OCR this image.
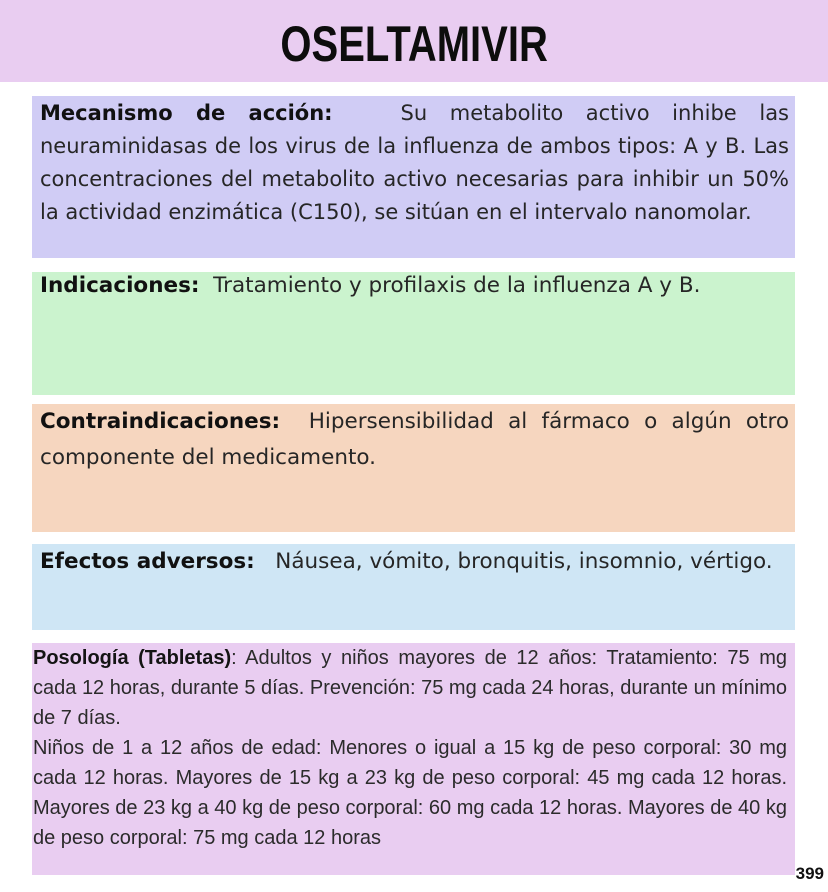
OSELTAMIVIR

Mecanismo de acción:	Su metabolito activo inhibe las neuraminidasas de los virus de la influenza de ambos tipos: A y B. Las concentraciones del metabolito activo necesarias para inhibir un 50% la actividad enzimática (C150), se sitúan en el intervalo nanomolar.

Indicaciones: Tratamiento y profilaxis de la influenza A y B.

Contraindicaciones: Hipersensibilidad al fármaco o algún otro componente del medicamento.

Efectos adversos: Náusea, vómito, bronquitis, insomnio, vértigo.

Posología (Tabletas): Adultos y niños mayores de 12 años: Tratamiento: 75 mg cada 12 horas, durante 5 días. Prevención: 75 mg cada 24 horas, durante un mínimo de 7 días.

Niños de 1 a 12 años de edad: Menores o igual a 15 kg de peso corporal: 30 mg cada 12 horas. Mayores de 15 kg a 23 kg de peso corporal: 45 mg cada 12 horas. Mayores de 23 kg a 40 kg de peso corporal: 60 mg cada 12 horas. Mayores de 40 kg de peso corporal: 75 mg cada 12 horas

399
